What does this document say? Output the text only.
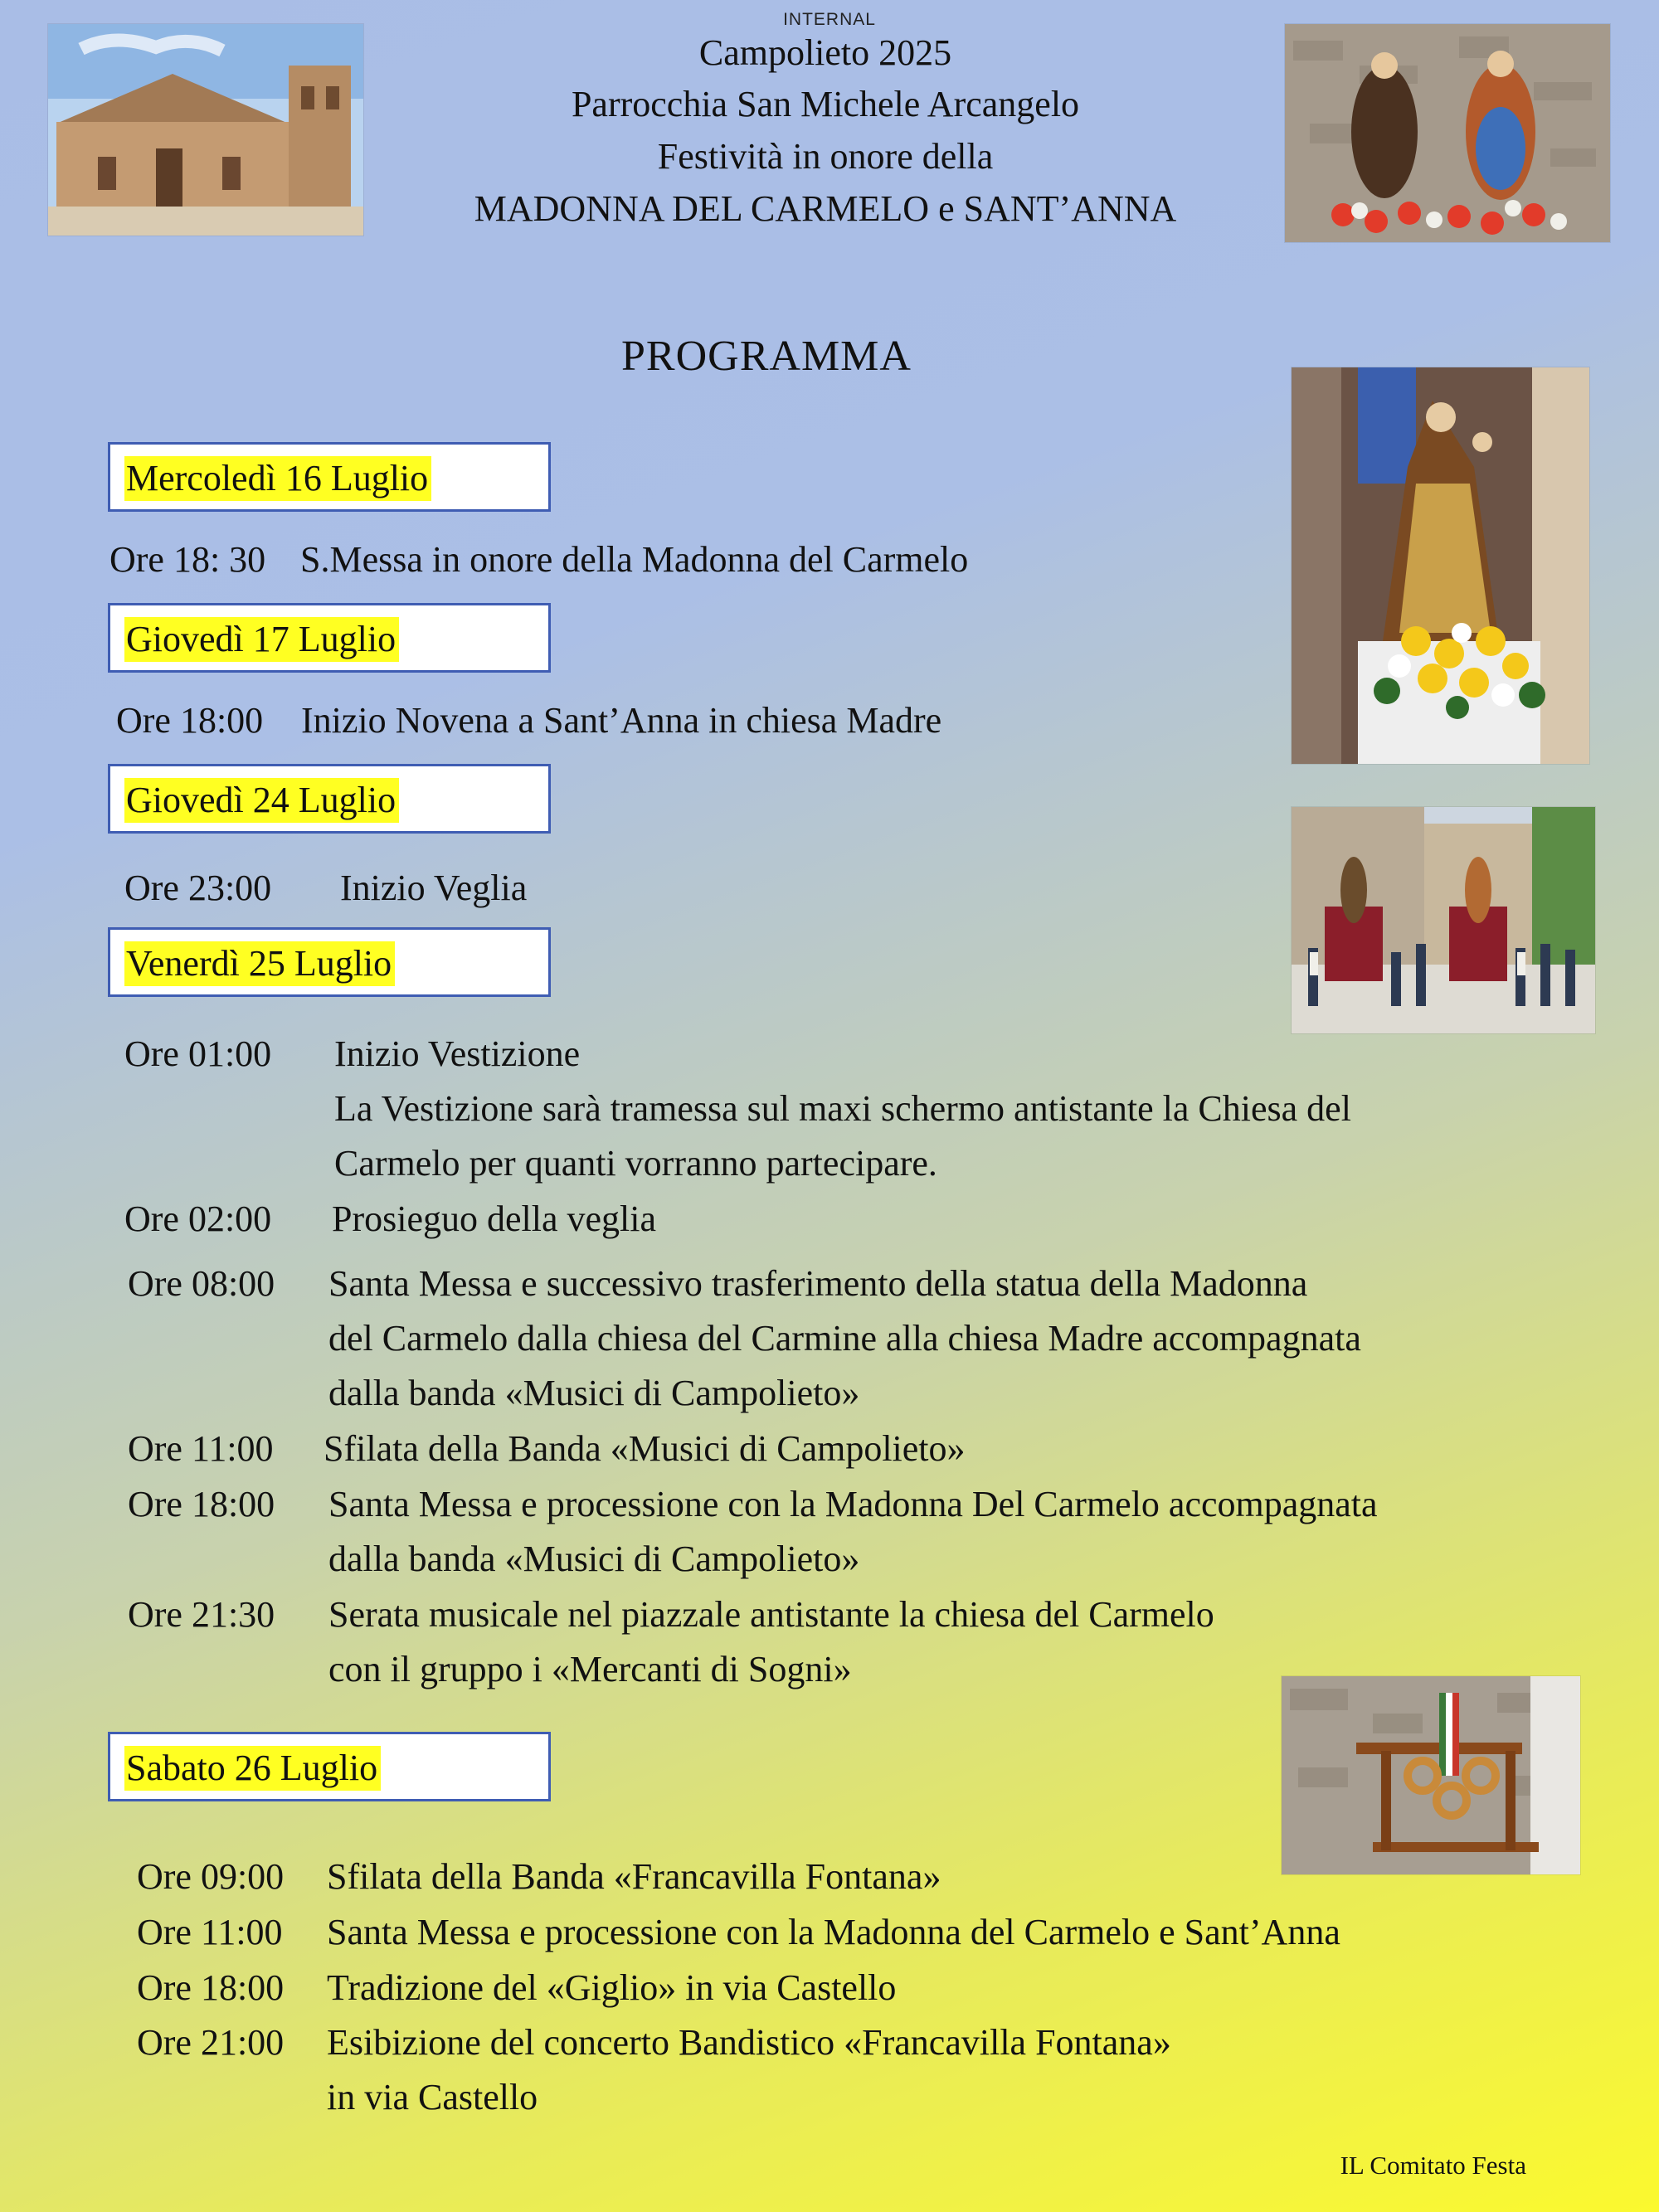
INTERNAL
Campolieto 2025
Parrocchia San Michele Arcangelo
Festività in onore della
MADONNA DEL CARMELO e SANT’ANNA
PROGRAMMA
Mercoledì 16 Luglio
Giovedì 17 Luglio
Giovedì 24 Luglio
Venerdì 25 Luglio
Sabato 26 Luglio
Ore 18: 30 S.Messa in onore della Madonna del Carmelo
Ore 18:00 Inizio Novena a Sant’Anna in chiesa Madre
Ore 23:00 Inizio Veglia
Ore 01:00 Inizio Vestizione
La Vestizione sarà tramessa sul maxi schermo antistante la Chiesa del
Carmelo per quanti vorranno partecipare.
Ore 02:00 Prosieguo della veglia
Ore 08:00 Santa Messa e successivo trasferimento della statua della Madonna
del Carmelo dalla chiesa del Carmine alla chiesa Madre accompagnata
dalla banda «Musici di Campolieto»
Ore 11:00 Sfilata della Banda «Musici di Campolieto»
Ore 18:00 Santa Messa e processione con la Madonna Del Carmelo accompagnata
dalla banda «Musici di Campolieto»
Ore 21:30 Serata musicale nel piazzale antistante la chiesa del Carmelo
con il gruppo i «Mercanti di Sogni»
Ore 09:00 Sfilata della Banda «Francavilla Fontana»
Ore 11:00 Santa Messa e processione con la Madonna del Carmelo e Sant’Anna
Ore 18:00 Tradizione del «Giglio» in via Castello
Ore 21:00 Esibizione del concerto Bandistico «Francavilla Fontana»
in via Castello
IL Comitato Festa
